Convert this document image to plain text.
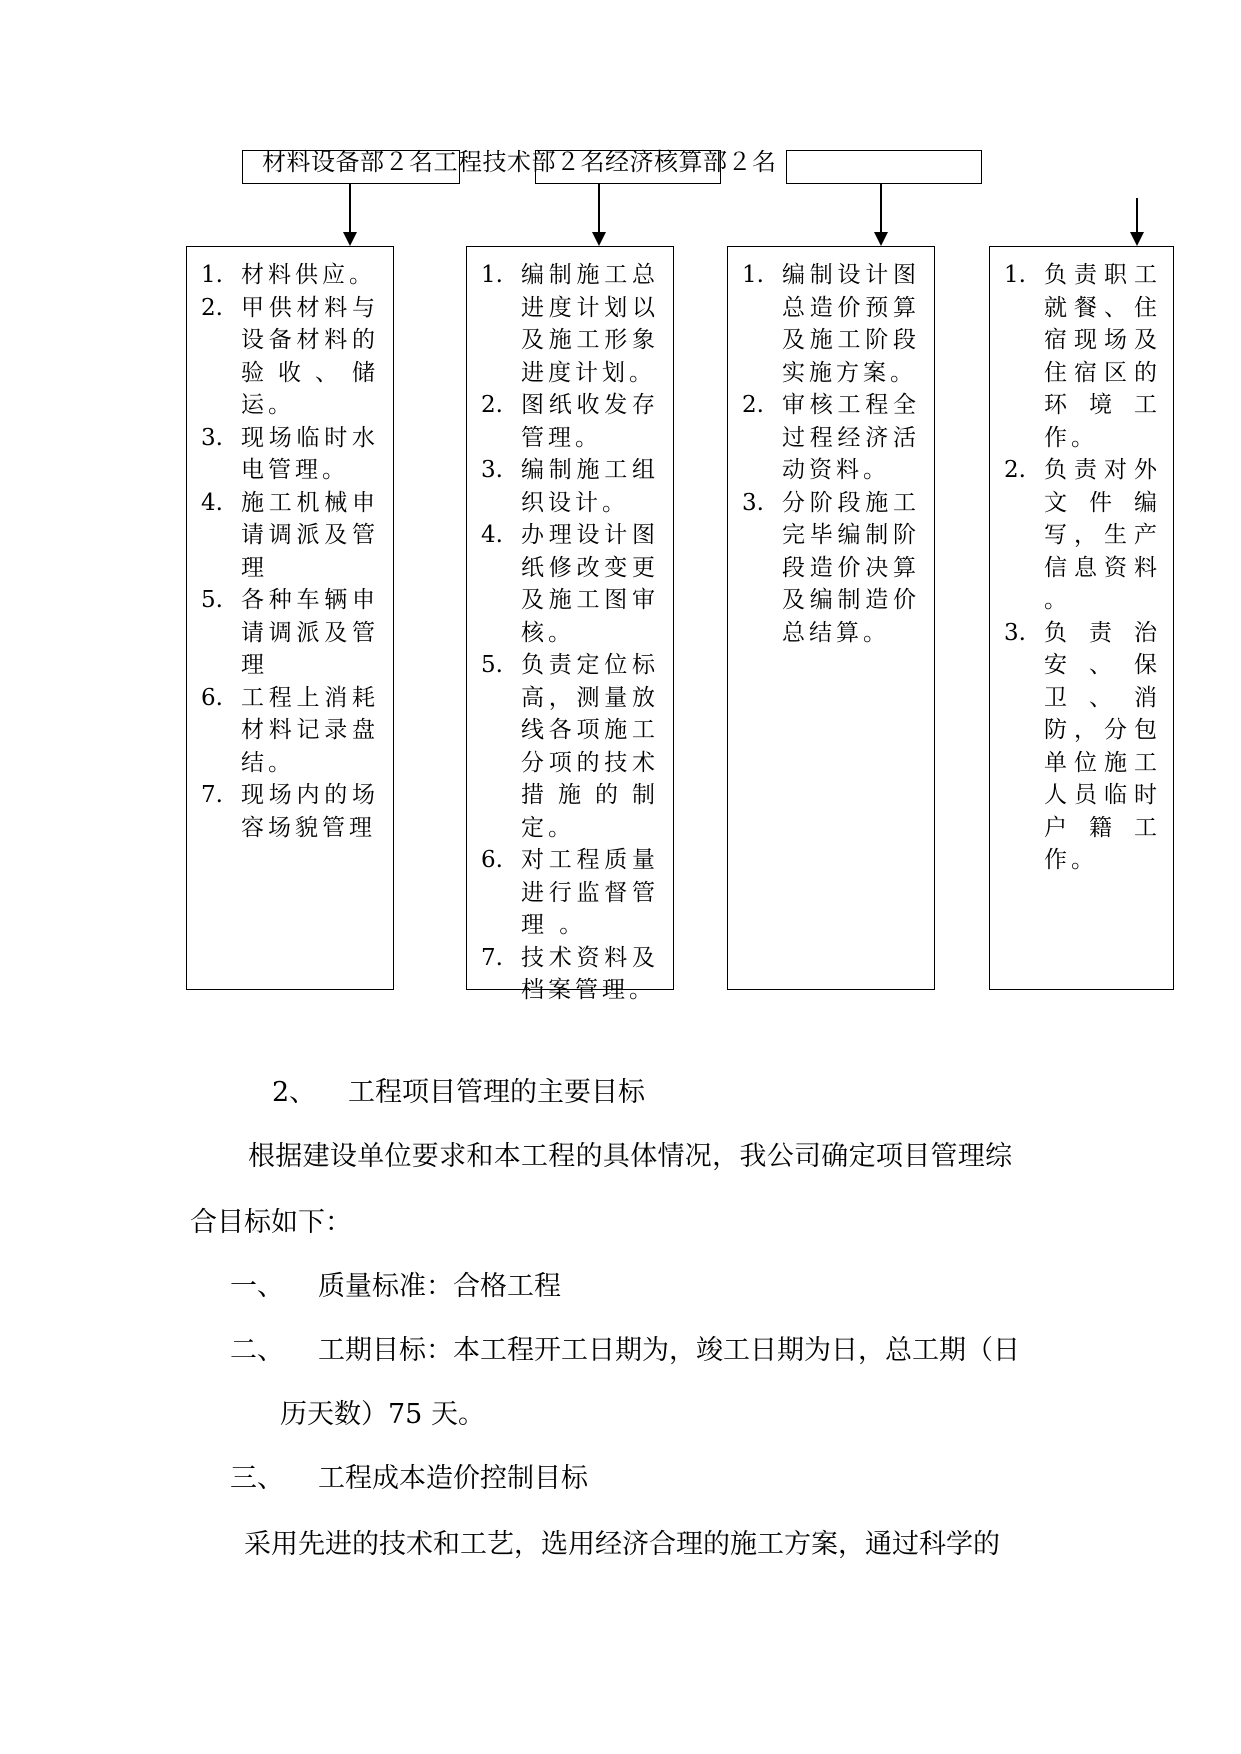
材料设备部２名工程技术部２名经济核算部２名
1. 材料供应。
2. 甲供材料与设备材料的验收、储运。
3. 现场临时水电管理。
4. 施工机械申请调派及管理
5. 各种车辆申请调派及管理
6. 工程上消耗材料记录盘结。
7. 现场内的场容场貌管理
1. 编制施工总进度计划以及施工形象进度计划。
2. 图纸收发存管理。
3. 编制施工组织设计。
4. 办理设计图纸修改变更及施工图审核。
5. 负责定位标高，测量放线各项施工分项的技术措施的制定。
6. 对工程质量进行监督管理 。
7. 技术资料及档案管理。
1. 编制设计图总造价预算及施工阶段实施方案。
2. 审核工程全过程经济活动资料。
3. 分阶段施工完毕编制阶段造价决算及编制造价总结算。
1. 负责职工就餐、住宿现场及住宿区的环境工作。
2. 负责对外文件编写，生产信息资料 。
3. 负责治安、保卫、消防，分包单位施工人员临时户籍工作。
2、 工程项目管理的主要目标
根据建设单位要求和本工程的具体情况，我公司确定项目管理综
合目标如下：
一、 质量标准：合格工程
二、 工期目标：本工程开工日期为，竣工日期为日，总工期（日
历天数）75 天。
三、 工程成本造价控制目标
采用先进的技术和工艺，选用经济合理的施工方案，通过科学的
